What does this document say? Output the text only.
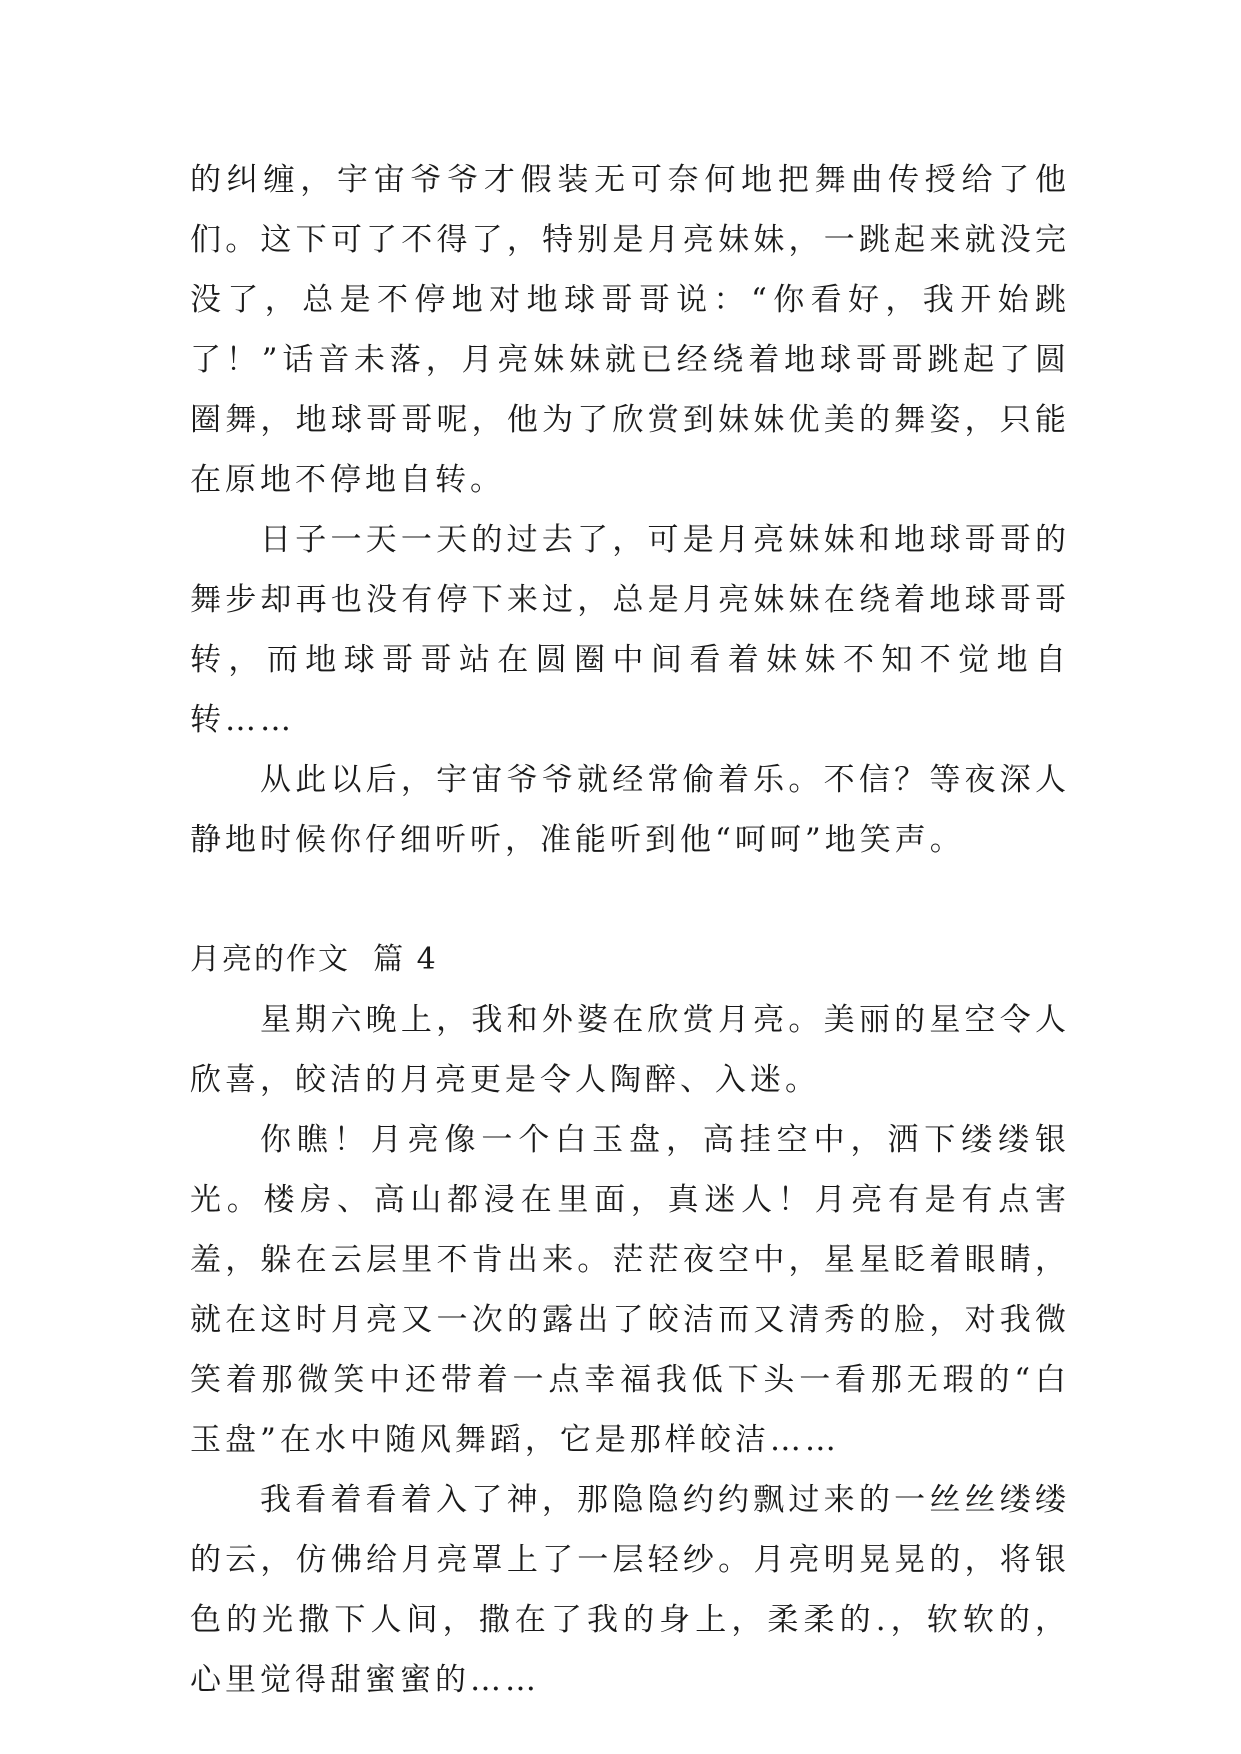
的纠缠，宇宙爷爷才假装无可奈何地把舞曲传授给了他们。这下可了不得了，特别是月亮妹妹，一跳起来就没完没了，总是不停地对地球哥哥说：“你看好，我开始跳了！”话音未落，月亮妹妹就已经绕着地球哥哥跳起了圆圈舞，地球哥哥呢，他为了欣赏到妹妹优美的舞姿，只能在原地不停地自转。

日子一天一天的过去了，可是月亮妹妹和地球哥哥的舞步却再也没有停下来过，总是月亮妹妹在绕着地球哥哥转，而地球哥哥站在圆圈中间看着妹妹不知不觉地自转……

从此以后，宇宙爷爷就经常偷着乐。不信？等夜深人静地时候你仔细听听，准能听到他“呵呵”地笑声。

月亮的作文  篇 4

星期六晚上，我和外婆在欣赏月亮。美丽的星空令人欣喜，皎洁的月亮更是令人陶醉、入迷。

你瞧！月亮像一个白玉盘，高挂空中，洒下缕缕银光。楼房、高山都浸在里面，真迷人！月亮有是有点害羞，躲在云层里不肯出来。茫茫夜空中，星星眨着眼睛，就在这时月亮又一次的露出了皎洁而又清秀的脸，对我微笑着那微笑中还带着一点幸福我低下头一看那无瑕的“白玉盘”在水中随风舞蹈，它是那样皎洁……

我看着看着入了神，那隐隐约约飘过来的一丝丝缕缕的云，仿佛给月亮罩上了一层轻纱。月亮明晃晃的，将银色的光撒下人间，撒在了我的身上，柔柔的.，软软的，心里觉得甜蜜蜜的……
